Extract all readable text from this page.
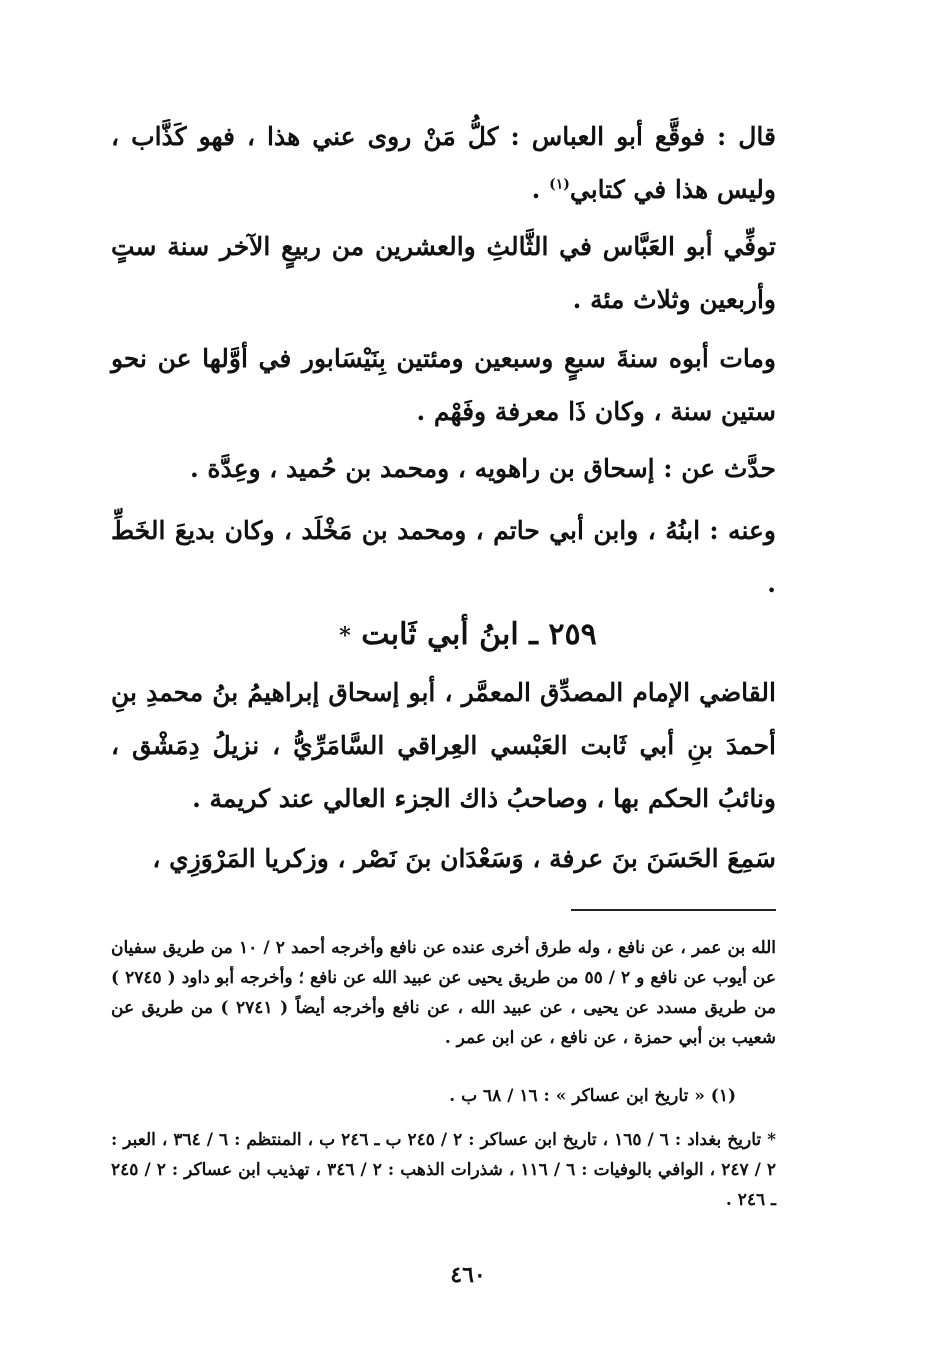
قال : فوقَّع أبو العباس : كلُّ مَنْ روى عني هذا ، فهو كَذَّاب ، وليس هذا في كتابي$^{(١)}$ .

توفِّي أبو العَبَّاس في الثَّالثِ والعشرين من ربيعٍ الآخر سنة ستٍ وأربعين وثلاث مئة .

ومات أبوه سنةَ سبعٍ وسبعين ومئتين بِنَيْسَابور في أوَّلها عن نحو ستين سنة ، وكان ذَا معرفة وفَهْم .

حدَّث عن : إسحاق بن راهويه ، ومحمد بن حُميد ، وعِدَّة .

وعنه : ابنُهُ ، وابن أبي حاتم ، ومحمد بن مَخْلَد ، وكان بديعَ الخَطِّ .

٢٥٩ ـ ابنُ أبي ثَابت *

القاضي الإمام المصدِّق المعمَّر ، أبو إسحاق إبراهيمُ بنُ محمدِ بنِ أحمدَ بنِ أبي ثَابت العَبْسي العِراقي السَّامَرِّيُّ ، نزيلُ دِمَشْق ، ونائبُ الحكم بها ، وصاحبُ ذاك الجزء العالي عند كريمة .

سَمِعَ الحَسَنَ بنَ عرفة ، وَسَعْدَان بنَ نَصْر ، وزكريا المَرْوَزِي ،

الله بن عمر ، عن نافع ، وله طرق أخرى عنده عن نافع وأخرجه أحمد ٢ / ١٠ من طريق سفيان عن أيوب عن نافع و ٢ / ٥٥ من طريق يحيى عن عبيد الله عن نافع ؛ وأخرجه أبو داود ( ٢٧٤٥ ) من طريق مسدد عن يحيى ، عن عبيد الله ، عن نافع وأخرجه أيضاً ( ٢٧٤١ ) من طريق عن شعيب بن أبي حمزة ، عن نافع ، عن ابن عمر .

(١) « تاريخ ابن عساكر » : ١٦ / ٦٨ ب .

* تاريخ بغداد : ٦ / ١٦٥ ، تاريخ ابن عساكر : ٢ / ٢٤٥ ب ـ ٢٤٦ ب ، المنتظم : ٦ / ٣٦٤ ، العبر : ٢ / ٢٤٧ ، الوافي بالوفيات : ٦ / ١١٦ ، شذرات الذهب : ٢ / ٣٤٦ ، تهذيب ابن عساكر : ٢ / ٢٤٥ ـ ٢٤٦ .

٤٦٠
